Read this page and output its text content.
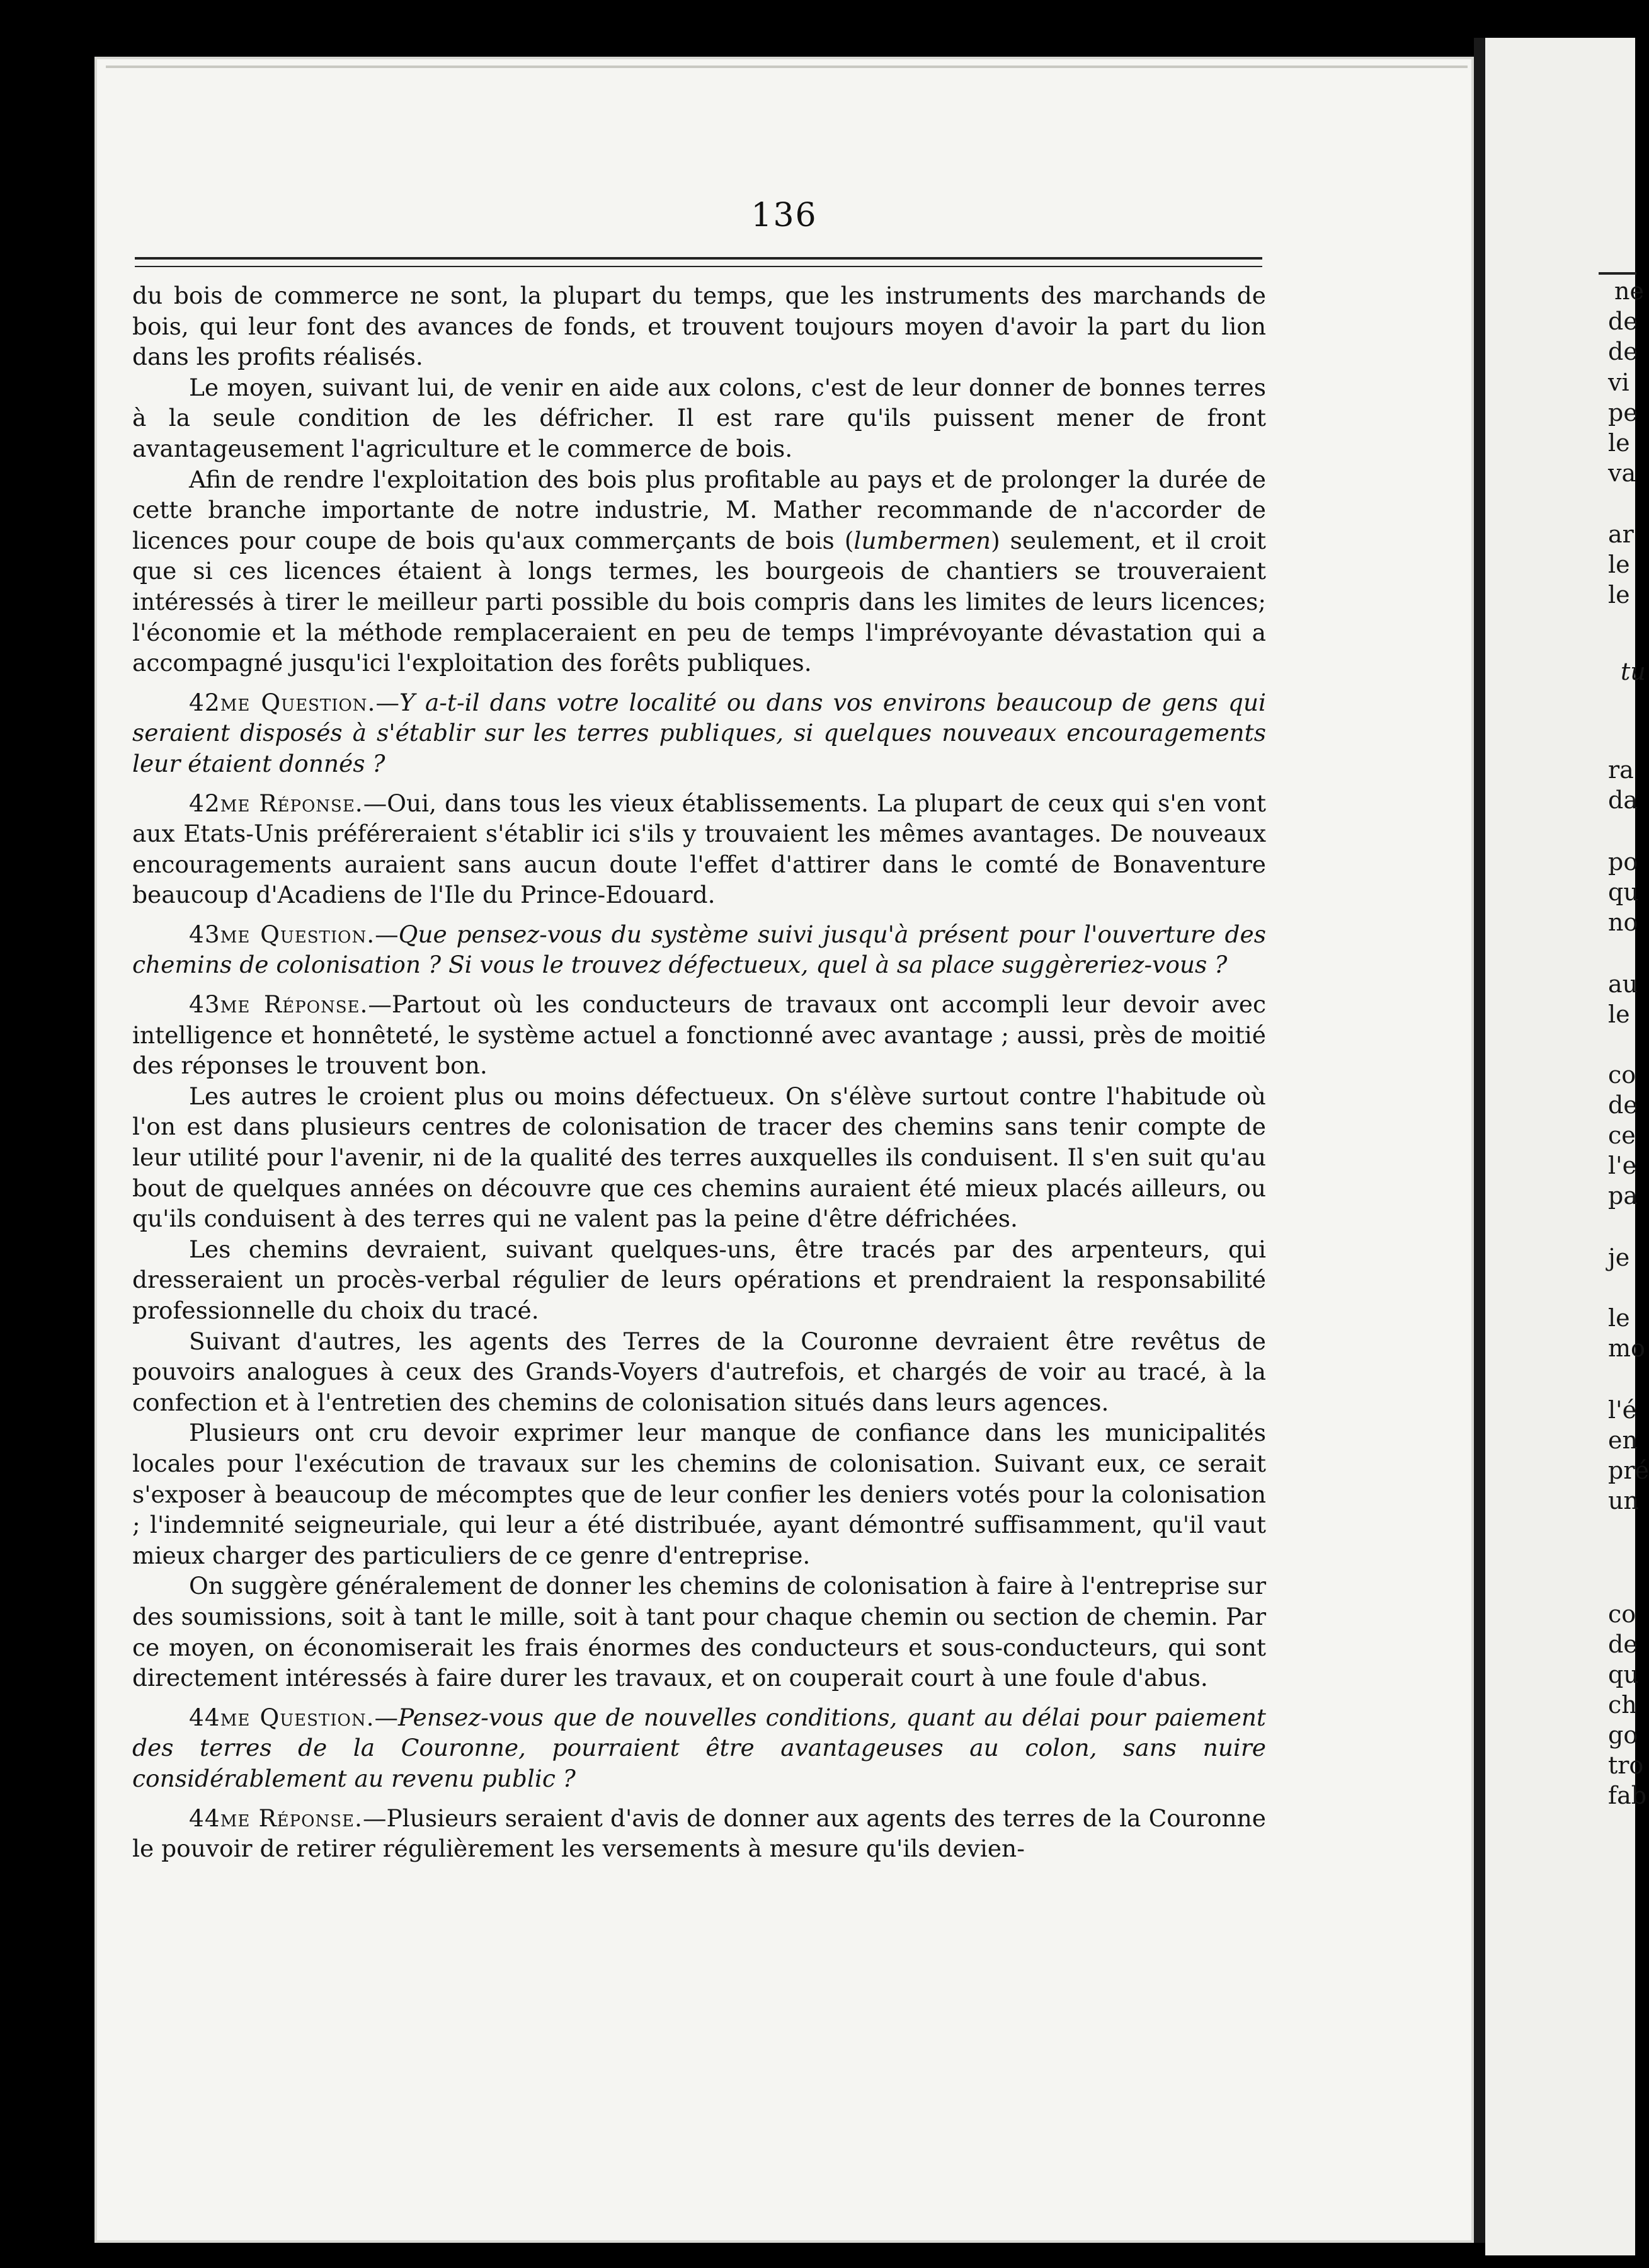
136

du bois de commerce ne sont, la plupart du temps, que les instruments des marchands de bois, qui leur font des avances de fonds, et trouvent toujours moyen d'avoir la part du lion dans les profits réalisés.

Le moyen, suivant lui, de venir en aide aux colons, c'est de leur donner de bonnes terres à la seule condition de les défricher. Il est rare qu'ils puissent mener de front avantageusement l'agriculture et le commerce de bois.

Afin de rendre l'exploitation des bois plus profitable au pays et de prolonger la durée de cette branche importante de notre industrie, M. Mather recommande de n'accorder de licences pour coupe de bois qu'aux commerçants de bois (lumbermen) seulement, et il croit que si ces licences étaient à longs termes, les bourgeois de chantiers se trouveraient intéressés à tirer le meilleur parti possible du bois compris dans les limites de leurs licences; l'économie et la méthode remplaceraient en peu de temps l'imprévoyante dévastation qui a accompagné jusqu'ici l'exploitation des forêts publiques.

42me Question.—Y a-t-il dans votre localité ou dans vos environs beaucoup de gens qui seraient disposés à s'établir sur les terres publiques, si quelques nouveaux encouragements leur étaient donnés ?

42me Réponse.—Oui, dans tous les vieux établissements. La plupart de ceux qui s'en vont aux Etats-Unis préféreraient s'établir ici s'ils y trouvaient les mêmes avantages. De nouveaux encouragements auraient sans aucun doute l'effet d'attirer dans le comté de Bonaventure beaucoup d'Acadiens de l'Ile du Prince-Edouard.

43me Question.—Que pensez-vous du système suivi jusqu'à présent pour l'ouverture des chemins de colonisation ? Si vous le trouvez défectueux, quel à sa place suggèreriez-vous ?

43me Réponse.—Partout où les conducteurs de travaux ont accompli leur devoir avec intelligence et honnêteté, le système actuel a fonctionné avec avantage ; aussi, près de moitié des réponses le trouvent bon.

Les autres le croient plus ou moins défectueux. On s'élève surtout contre l'habitude où l'on est dans plusieurs centres de colonisation de tracer des chemins sans tenir compte de leur utilité pour l'avenir, ni de la qualité des terres auxquelles ils conduisent. Il s'en suit qu'au bout de quelques années on découvre que ces chemins auraient été mieux placés ailleurs, ou qu'ils conduisent à des terres qui ne valent pas la peine d'être défrichées.

Les chemins devraient, suivant quelques-uns, être tracés par des arpenteurs, qui dresseraient un procès-verbal régulier de leurs opérations et prendraient la responsabilité professionnelle du choix du tracé.

Suivant d'autres, les agents des Terres de la Couronne devraient être revêtus de pouvoirs analogues à ceux des Grands-Voyers d'autrefois, et chargés de voir au tracé, à la confection et à l'entretien des chemins de colonisation situés dans leurs agences.

Plusieurs ont cru devoir exprimer leur manque de confiance dans les municipalités locales pour l'exécution de travaux sur les chemins de colonisation. Suivant eux, ce serait s'exposer à beaucoup de mécomptes que de leur confier les deniers votés pour la colonisation ; l'indemnité seigneuriale, qui leur a été distribuée, ayant démontré suffisamment, qu'il vaut mieux charger des particuliers de ce genre d'entreprise.

On suggère généralement de donner les chemins de colonisation à faire à l'entreprise sur des soumissions, soit à tant le mille, soit à tant pour chaque chemin ou section de chemin. Par ce moyen, on économiserait les frais énormes des conducteurs et sous-conducteurs, qui sont directement intéressés à faire durer les travaux, et on couperait court à une foule d'abus.

44me Question.—Pensez-vous que de nouvelles conditions, quant au délai pour paiement des terres de la Couronne, pourraient être avantageuses au colon, sans nuire considérablement au revenu public ?

44me Réponse.—Plusieurs seraient d'avis de donner aux agents des terres de la Couronne le pouvoir de retirer régulièrement les versements à mesure qu'ils devien-

ne
de
de
vi
pe
le
va
ar
le
le
tu
ra
da
po
qu
no
au
le
co
de
ce
l'e
pa
je
le
mo
l'é
en
pré
un
co
de
qu
ch
go
tro
fab
